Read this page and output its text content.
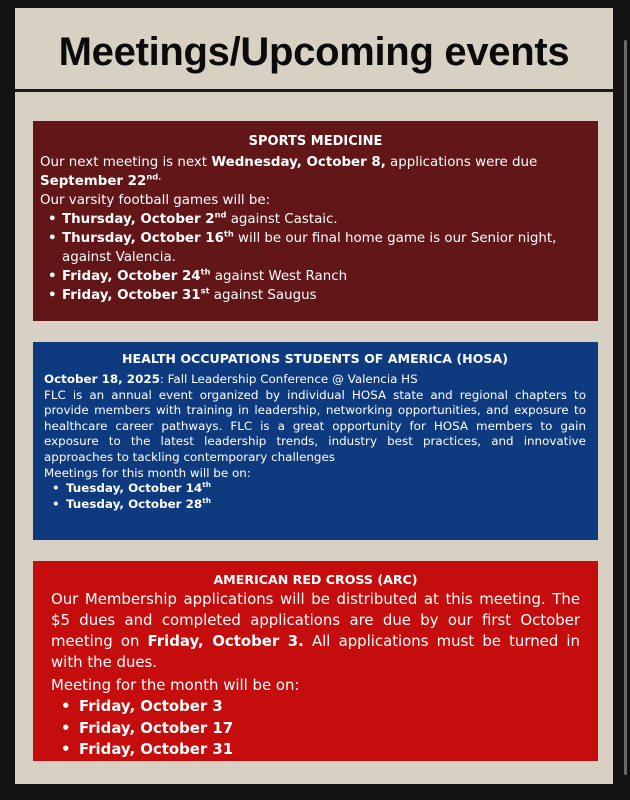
Meetings/Upcoming events
SPORTS MEDICINE

Our next meeting is next Wednesday, October 8, applications were due September $22^{nd.}$

Our varsity football games will be:

• Thursday, October 2nd against Castaic.
• Thursday, October 16th will be our final home game is our Senior night, against Valencia.
• Friday, October 24th against West Ranch
• Friday, October 31st against Saugus
HEALTH OCCUPATIONS STUDENTS OF AMERICA (HOSA)

October 18, 2025: Fall Leadership Conference @ Valencia HS

FLC is an annual event organized by individual HOSA state and regional chapters to provide members with training in leadership, networking opportunities, and exposure to healthcare career pathways. FLC is a great opportunity for HOSA members to gain exposure to the latest leadership trends, industry best practices, and innovative approaches to tackling contemporary challenges

Meetings for this month will be on:

• Tuesday, October 14th
• Tuesday, October 28th
AMERICAN RED CROSS (ARC)

Our Membership applications will be distributed at this meeting. The $5 dues and completed applications are due by our first October meeting on Friday, October 3. All applications must be turned in with the dues.

Meeting for the month will be on:

• Friday, October 3
• Friday, October 17
• Friday, October 31
